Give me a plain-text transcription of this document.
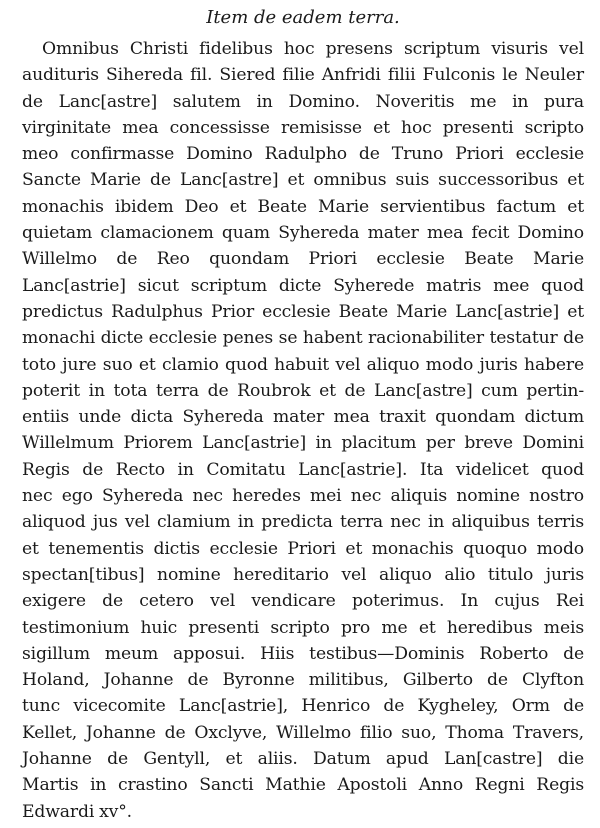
Item de eadem terra.
Omnibus Christi fidelibus hoc presens scriptum visuris vel
audituris Sihereda fil. Siered filie Anfridi filii Fulconis le Neuler
de Lanc[astre] salutem in Domino. Noveritis me in pura
virginitate mea concessisse remisisse et hoc presenti scripto
meo confirmasse Domino Radulpho de Truno Priori ecclesie
Sancte Marie de Lanc[astre] et omnibus suis successoribus et
monachis ibidem Deo et Beate Marie servientibus factum et
quietam clamacionem quam Syhereda mater mea fecit Domino
Willelmo de Reo quondam Priori ecclesie Beate Marie
Lanc[astrie] sicut scriptum dicte Syherede matris mee quod
predictus Radulphus Prior ecclesie Beate Marie Lanc[astrie] et
monachi dicte ecclesie penes se habent racionabiliter testatur de
toto jure suo et clamio quod habuit vel aliquo modo juris habere
poterit in tota terra de Roubrok et de Lanc[astre] cum pertin-
entiis unde dicta Syhereda mater mea traxit quondam dictum
Willelmum Priorem Lanc[astrie] in placitum per breve Domini
Regis de Recto in Comitatu Lanc[astrie]. Ita videlicet quod
nec ego Syhereda nec heredes mei nec aliquis nomine nostro
aliquod jus vel clamium in predicta terra nec in aliquibus terris
et tenementis dictis ecclesie Priori et monachis quoquo modo
spectan[tibus] nomine hereditario vel aliquo alio titulo juris
exigere de cetero vel vendicare poterimus. In cujus Rei
testimonium huic presenti scripto pro me et heredibus meis
sigillum meum apposui. Hiis testibus—Dominis Roberto de
Holand, Johanne de Byronne militibus, Gilberto de Clyfton
tunc vicecomite Lanc[astrie], Henrico de Kygheley, Orm de
Kellet, Johanne de Oxclyve, Willelmo filio suo, Thoma Travers,
Johanne de Gentyll, et aliis. Datum apud Lan[castre] die
Martis in crastino Sancti Mathie Apostoli Anno Regni Regis
Edwardi xv°.
